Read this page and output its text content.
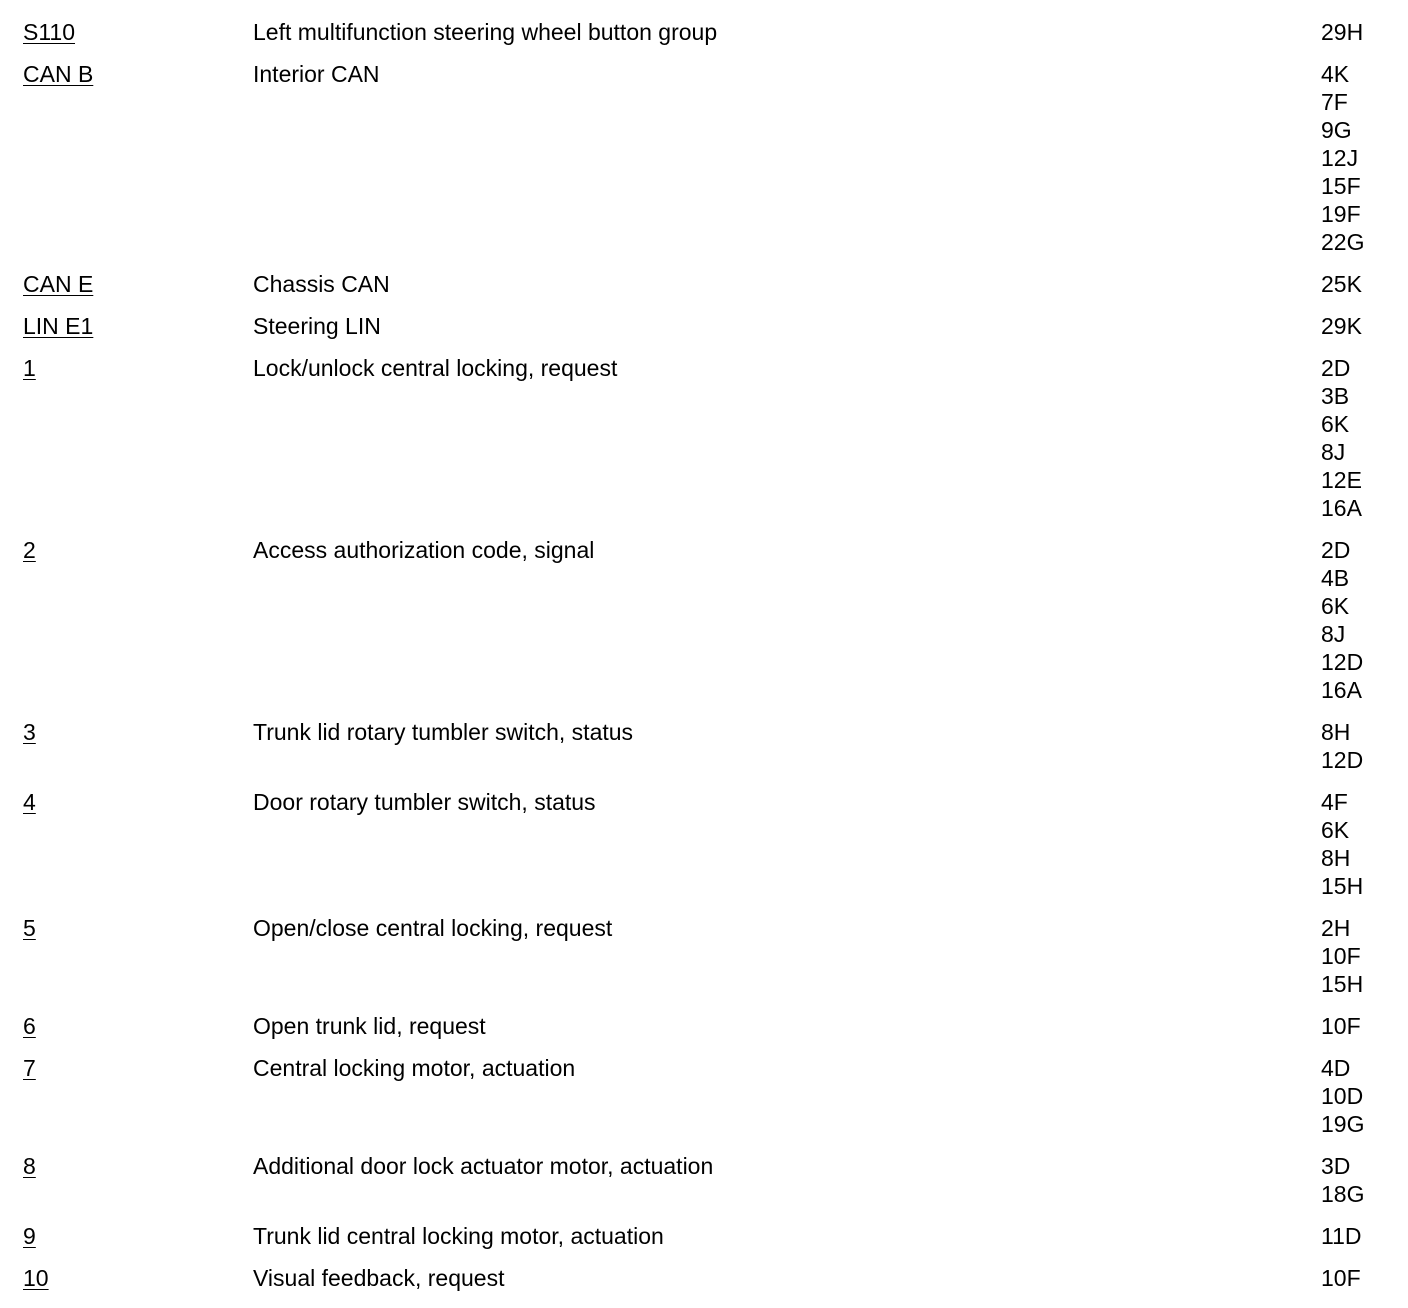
S110	Left multifunction steering wheel button group	29H
CAN B	Interior CAN	4K
7F
9G
12J
15F
19F
22G
CAN E	Chassis CAN	25K
LIN E1	Steering LIN	29K
1	Lock/unlock central locking, request	2D
3B
6K
8J
12E
16A
2	Access authorization code, signal	2D
4B
6K
8J
12D
16A
3	Trunk lid rotary tumbler switch, status	8H
12D
4	Door rotary tumbler switch, status	4F
6K
8H
15H
5	Open/close central locking, request	2H
10F
15H
6	Open trunk lid, request	10F
7	Central locking motor, actuation	4D
10D
19G
8	Additional door lock actuator motor, actuation	3D
18G
9	Trunk lid central locking motor, actuation	11D
10	Visual feedback, request	10F
